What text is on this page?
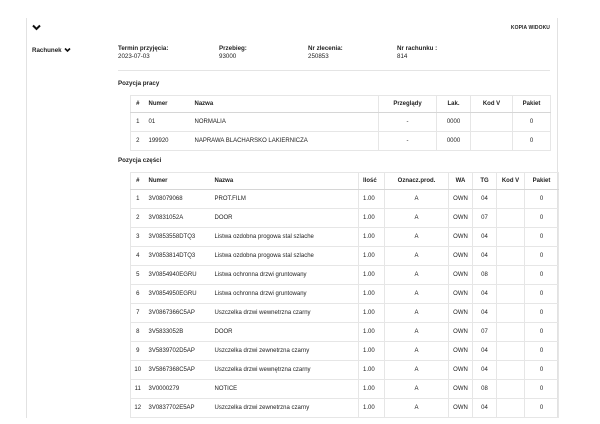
KOPIA WIDOKU
Rachunek	Termin przyjęcia:
2023-07-03
Przebieg:
93000
Nr zlecenia:
250853
Nr rachunku :
814
Pozycja pracy
#	Numer	Nazwa	Przeglądy	Lak.	Kod V	Pakiet
1	01	NORMALIA	-	0000		0
2	199920	NAPRAWA BLACHARSKO LAKIERNICZA	-	0000		0
Pozycja części
#	Numer	Nazwa	Ilość	Oznacz.prod.	WA	TG	Kod V	Pakiet
1	3V08079068	PROT.FILM	1.00	A	OWN	04		0
2	3V0831052A	DOOR	1.00	A	OWN	07		0
3	3V0853558DTQ3	Listwa ozdobna progowa stal szlache	1.00	A	OWN	04		0
4	3V0853814DTQ3	Listwa ozdobna progowa stal szlache	1.00	A	OWN	04		0
5	3V0854940EGRU	Listwa ochronna drzwi gruntowany	1.00	A	OWN	08		0
6	3V0854950EGRU	Listwa ochronna drzwi gruntowany	1.00	A	OWN	04		0
7	3V0867366C5AP	Uszczelka drzwi wewnetrzna czarny	1.00	A	OWN	04		0
8	3V5833052B	DOOR	1.00	A	OWN	07		0
9	3V5839702D5AP	Uszczelka drzwi zewnetrzna czarny	1.00	A	OWN	04		0
10	3V5867368C5AP	Uszczelka drzwi wewnętrzna czarny	1.00	A	OWN	04		0
11	3V0000279	NOTICE	1.00	A	OWN	08		0
12	3V0837702E5AP	Uszczelka drzwi zewnetrzna czarny	1.00	A	OWN	04		0
